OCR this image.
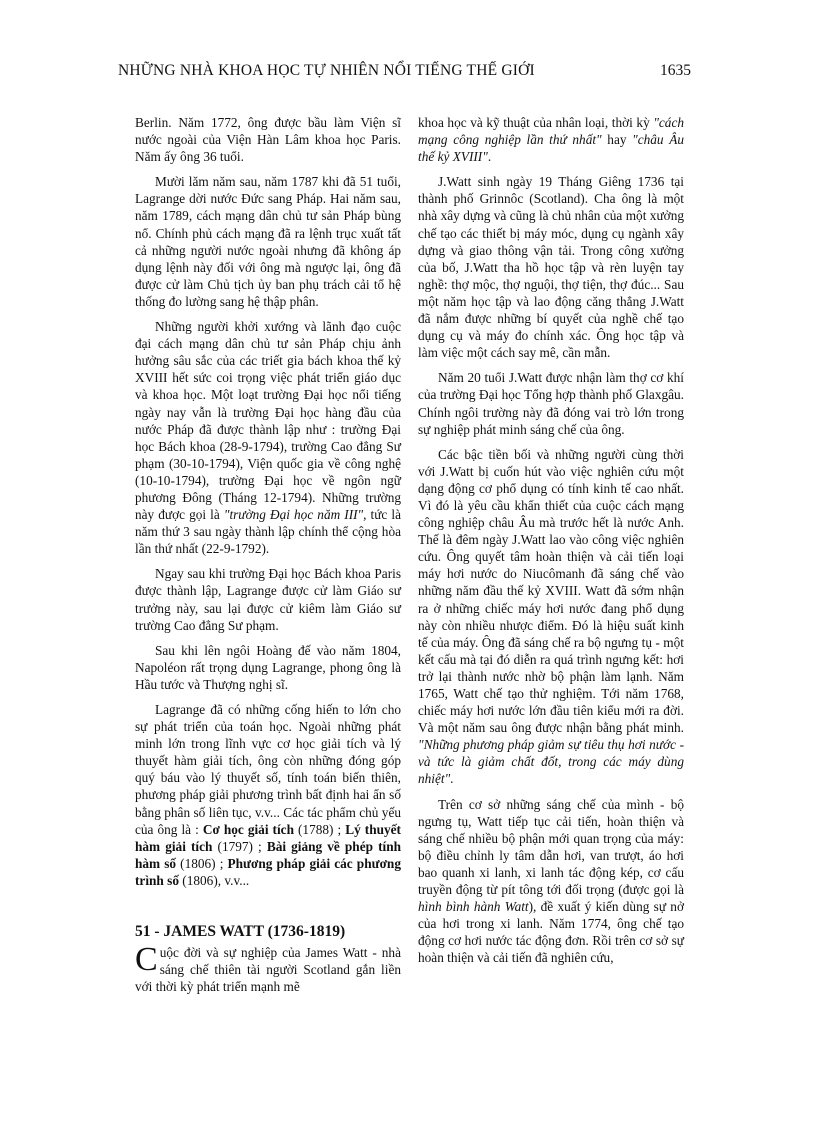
NHỮNG NHÀ KHOA HỌC TỰ NHIÊN NỔI TIẾNG THẾ GIỚI	1635

Berlin. Năm 1772, ông được bầu làm Viện sĩ nước ngoài của Viện Hàn Lâm khoa học Paris. Năm ấy ông 36 tuổi.

Mười lăm năm sau, năm 1787 khi đã 51 tuổi, Lagrange dời nước Đức sang Pháp. Hai năm sau, năm 1789, cách mạng dân chủ tư sản Pháp bùng nổ. Chính phủ cách mạng đã ra lệnh trục xuất tất cả những người nước ngoài nhưng đã không áp dụng lệnh này đối với ông mà ngược lại, ông đã được cử làm Chủ tịch ủy ban phụ trách cải tổ hệ thống đo lường sang hệ thập phân.

Những người khởi xướng và lãnh đạo cuộc đại cách mạng dân chủ tư sản Pháp chịu ảnh hưởng sâu sắc của các triết gia bách khoa thế kỷ XVIII hết sức coi trọng việc phát triển giáo dục và khoa học. Một loạt trường Đại học nổi tiếng ngày nay vẫn là trường Đại học hàng đầu của nước Pháp đã được thành lập như : trường Đại học Bách khoa (28-9-1794), trường Cao đẳng Sư phạm (30-10-1794), Viện quốc gia về công nghệ (10-10-1794), trường Đại học về ngôn ngữ phương Đông (Tháng 12-1794). Những trường này được gọi là "trường Đại học năm III", tức là năm thứ 3 sau ngày thành lập chính thể cộng hòa lần thứ nhất (22-9-1792).

Ngay sau khi trường Đại học Bách khoa Paris được thành lập, Lagrange được cử làm Giáo sư trưởng này, sau lại được cử kiêm làm Giáo sư trường Cao đẳng Sư phạm.

Sau khi lên ngôi Hoàng đế vào năm 1804, Napoléon rất trọng dụng Lagrange, phong ông là Hầu tước và Thượng nghị sĩ.

Lagrange đã có những cống hiến to lớn cho sự phát triển của toán học. Ngoài những phát minh lớn trong lĩnh vực cơ học giải tích và lý thuyết hàm giải tích, ông còn những đóng góp quý báu vào lý thuyết số, tính toán biến thiên, phương pháp giải phương trình bất định hai ẩn số bằng phân số liên tục, v.v... Các tác phẩm chủ yếu của ông là : Cơ học giải tích (1788) ; Lý thuyết hàm giải tích (1797) ; Bài giảng về phép tính hàm số (1806) ; Phương pháp giải các phương trình số (1806), v.v...

51 - JAMES WATT (1736-1819)

Cuộc đời và sự nghiệp của James Watt - nhà sáng chế thiên tài người Scotland gắn liền với thời kỳ phát triển mạnh mẽ

khoa học và kỹ thuật của nhân loại, thời kỳ "cách mạng công nghiệp lần thứ nhất" hay "châu Âu thế kỷ XVIII".

J.Watt sinh ngày 19 Tháng Giêng 1736 tại thành phố Grinnôc (Scotland). Cha ông là một nhà xây dựng và cũng là chủ nhân của một xưởng chế tạo các thiết bị máy móc, dụng cụ ngành xây dựng và giao thông vận tải. Trong công xưởng của bố, J.Watt tha hồ học tập và rèn luyện tay nghề: thợ mộc, thợ nguội, thợ tiện, thợ đúc... Sau một năm học tập và lao động căng thẳng J.Watt đã nắm được những bí quyết của nghề chế tạo dụng cụ và máy đo chính xác. Ông học tập và làm việc một cách say mê, cần mẫn.

Năm 20 tuổi J.Watt được nhận làm thợ cơ khí của trường Đại học Tổng hợp thành phố Glaxgâu. Chính ngôi trường này đã đóng vai trò lớn trong sự nghiệp phát minh sáng chế của ông.

Các bậc tiền bối và những người cùng thời với J.Watt bị cuốn hút vào việc nghiên cứu một dạng động cơ phổ dụng có tính kinh tế cao nhất. Vì đó là yêu cầu khẩn thiết của cuộc cách mạng công nghiệp châu Âu mà trước hết là nước Anh. Thế là đêm ngày J.Watt lao vào công việc nghiên cứu. Ông quyết tâm hoàn thiện và cải tiến loại máy hơi nước do Niucômanh đã sáng chế vào những năm đầu thế kỷ XVIII. Watt đã sớm nhận ra ở những chiếc máy hơi nước đang phổ dụng này còn nhiều nhược điểm. Đó là hiệu suất kinh tế của máy. Ông đã sáng chế ra bộ ngưng tụ - một kết cấu mà tại đó diễn ra quá trình ngưng kết: hơi trở lại thành nước nhờ bộ phận làm lạnh. Năm 1765, Watt chế tạo thử nghiệm. Tới năm 1768, chiếc máy hơi nước lớn đầu tiên kiểu mới ra đời. Và một năm sau ông được nhận bằng phát minh. "Những phương pháp giảm sự tiêu thụ hơi nước - và tức là giảm chất đốt, trong các máy dùng nhiệt".

Trên cơ sở những sáng chế của mình - bộ ngưng tụ, Watt tiếp tục cải tiến, hoàn thiện và sáng chế nhiều bộ phận mới quan trọng của máy: bộ điều chỉnh ly tâm dẫn hơi, van trượt, áo hơi bao quanh xi lanh, xi lanh tác động kép, cơ cấu truyền động từ pít tông tới đối trọng (được gọi là hình bình hành Watt), đề xuất ý kiến dùng sự nở của hơi trong xi lanh. Năm 1774, ông chế tạo động cơ hơi nước tác động đơn. Rồi trên cơ sở sự hoàn thiện và cải tiến đã nghiên cứu,
